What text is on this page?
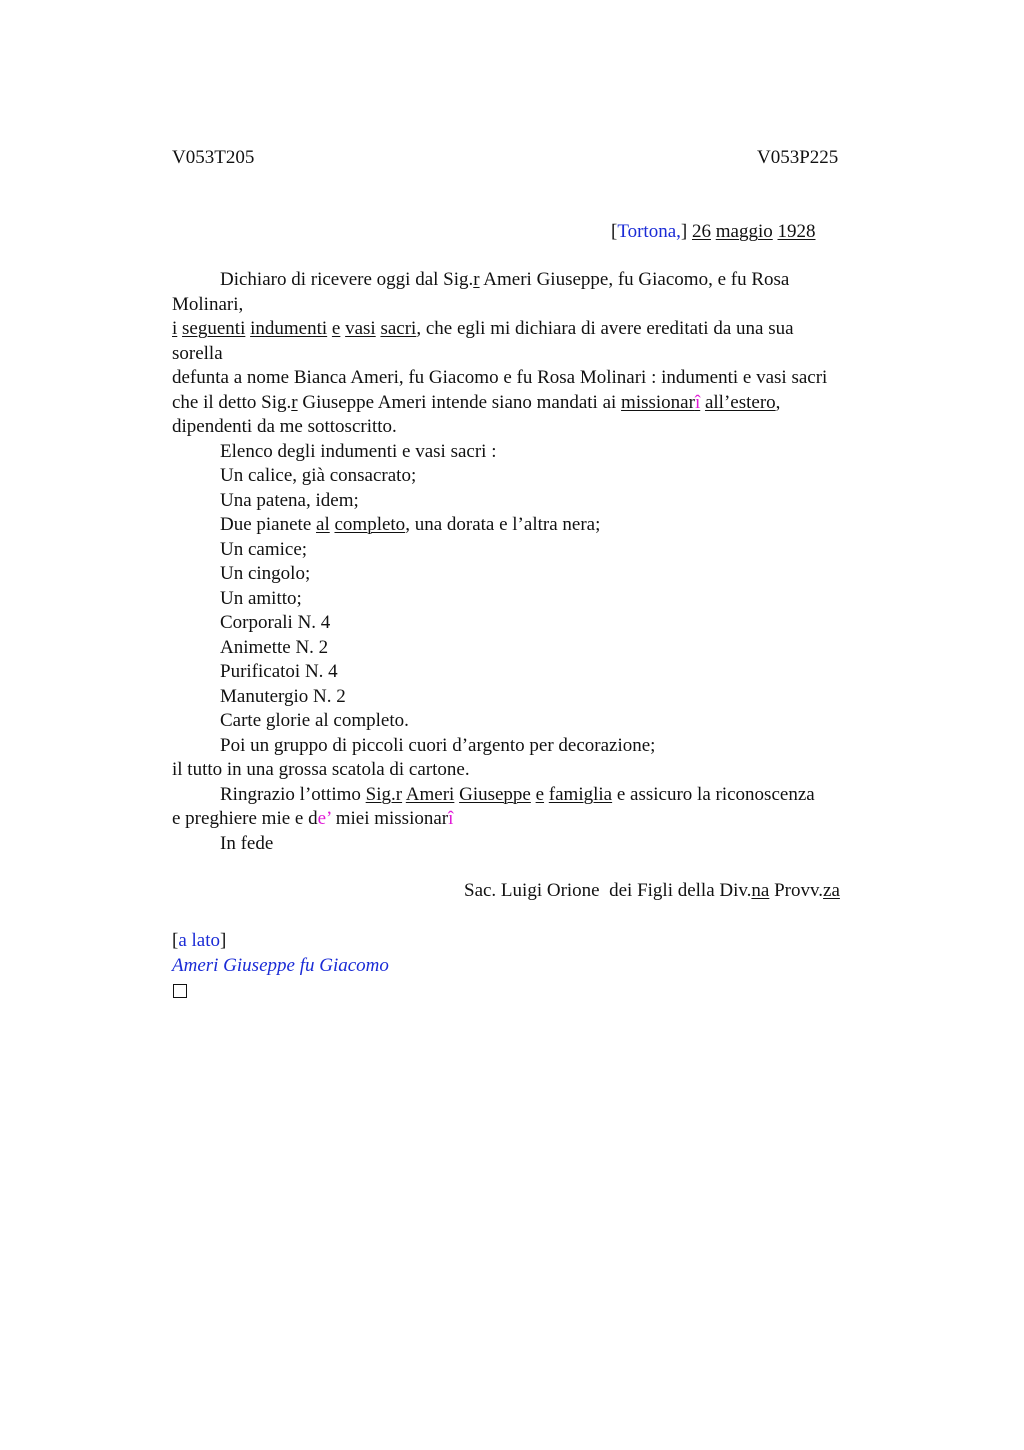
V053T205	V053P225
[Tortona,] 26 maggio 1928
Dichiaro di ricevere oggi dal Sig.r Ameri Giuseppe, fu Giacomo, e fu Rosa
Molinari,
i seguenti indumenti e vasi sacri, che egli mi dichiara di avere ereditati da una sua
sorella
defunta a nome Bianca Ameri, fu Giacomo e fu Rosa Molinari : indumenti e vasi sacri
che il detto Sig.r Giuseppe Ameri intende siano mandati ai missionarî all’estero,
dipendenti da me sottoscritto.
Elenco degli indumenti e vasi sacri :
Un calice, già consacrato;
Una patena, idem;
Due pianete al completo, una dorata e l’altra nera;
Un camice;
Un cingolo;
Un amitto;
Corporali N. 4
Animette N. 2
Purificatoi N. 4
Manutergio N. 2
Carte glorie al completo.
Poi un gruppo di piccoli cuori d’argento per decorazione;
il tutto in una grossa scatola di cartone.
Ringrazio l’ottimo Sig.r Ameri Giuseppe e famiglia e assicuro la riconoscenza
e preghiere mie e de’ miei missionarî
In fede
Sac. Luigi Orione  dei Figli della Div.na Provv.za
[a lato]
Ameri Giuseppe fu Giacomo
